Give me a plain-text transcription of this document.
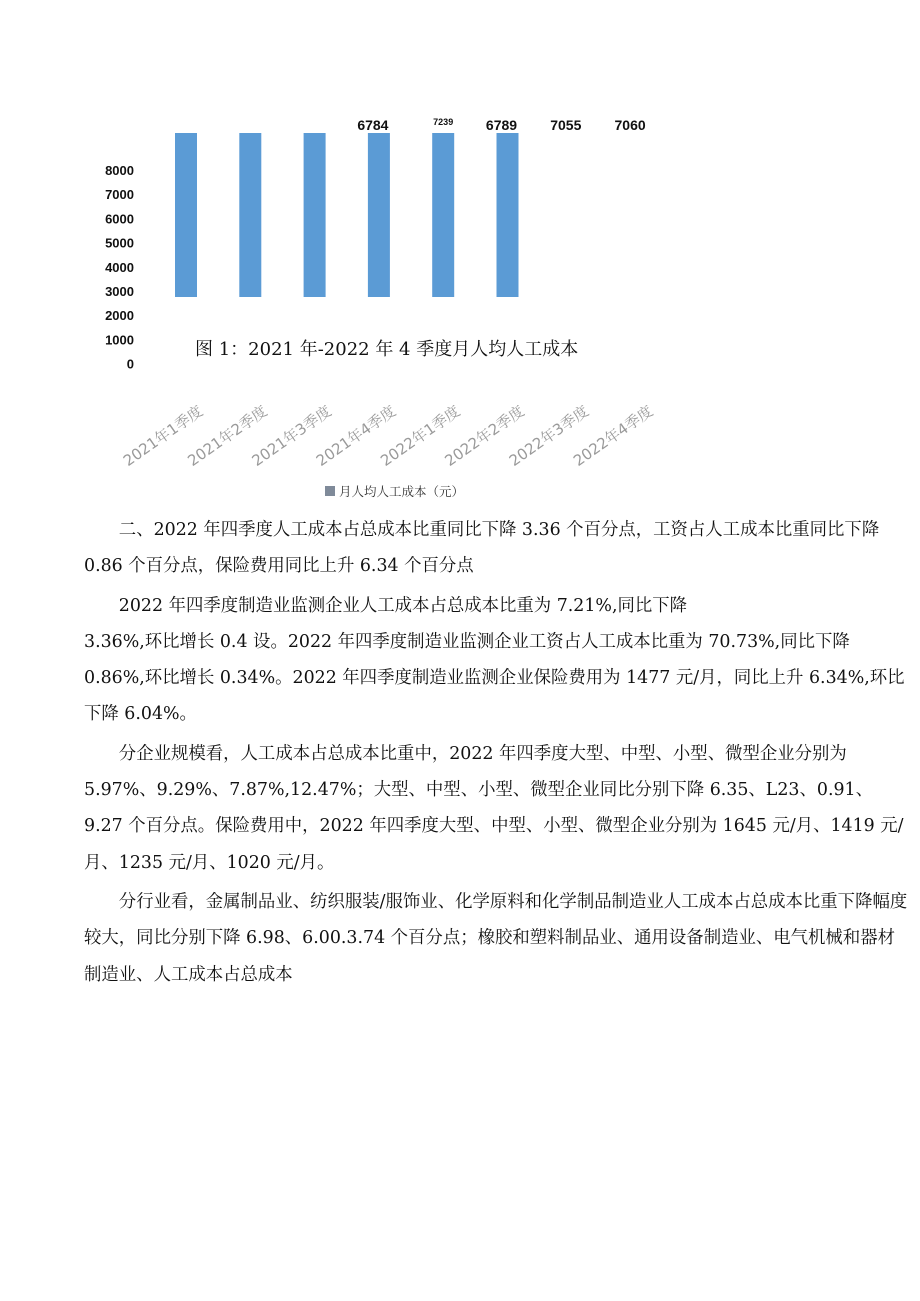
6784	7239 6789 7055 7060
8000
7000
6000
5000
4000
3000
2000
1000
0
2021年1季度
2021年2季度
2021年3季度
2021年4季度
2022年1季度
2022年2季度
2022年3季度
2022年4季度
月人均人工成本（元）
图 1：2021 年-2022 年 4 季度月人均人工成本

二、2022 年四季度人工成本占总成本比重同比下降 3.36 个百分点，工资占人工成本比重同比下降 0.86 个百分点，保险费用同比上升 6.34 个百分点

2022 年四季度制造业监测企业人工成本占总成本比重为 7.21%,同比下降

3.36%,环比增长 0.4 设。2022 年四季度制造业监测企业工资占人工成本比重为 70.73%,同比下降 0.86%,环比增长 0.34%。2022 年四季度制造业监测企业保险费用为 1477 元/月，同比上升 6.34%,环比下降 6.04%。

分企业规模看，人工成本占总成本比重中，2022 年四季度大型、中型、小型、微型企业分别为 5.97%、9.29%、7.87%,12.47%；大型、中型、小型、微型企业同比分别下降 6.35、L23、0.91、9.27 个百分点。保险费用中，2022 年四季度大型、中型、小型、微型企业分别为 1645 元/月、1419 元/月、1235 元/月、1020 元/月。

分行业看，金属制品业、纺织服装/服饰业、化学原料和化学制品制造业人工成本占总成本比重下降幅度较大，同比分别下降 6.98、6.00.3.74 个百分点；橡胶和塑料制品业、通用设备制造业、电气机械和器材制造业、人工成本占总成本
